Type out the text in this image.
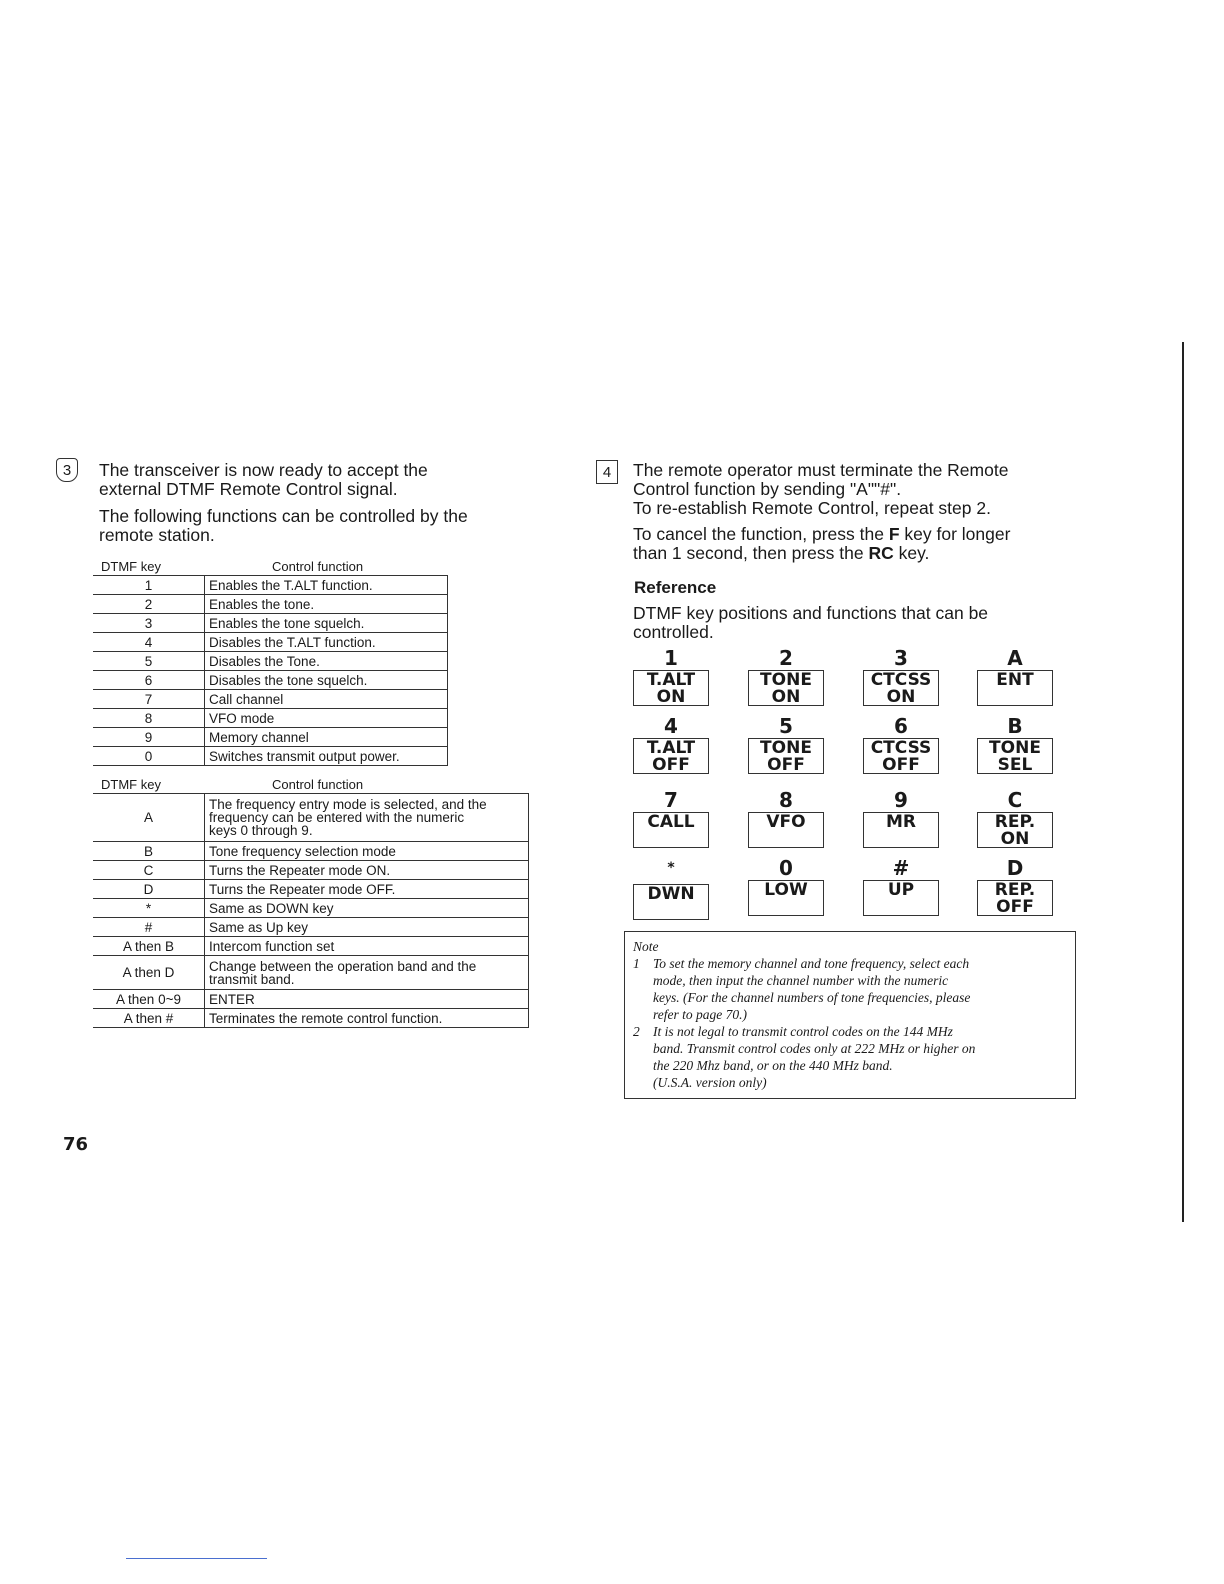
3 The transceiver is now ready to accept the

external DTMF Remote Control signal.

The following functions can be controlled by the

remote station.

DTMF key	Control function
1	Enables the T.ALT function.
2	Enables the tone.
3	Enables the tone squelch.
4	Disables the T.ALT function.
5	Disables the Tone.
6	Disables the tone squelch.
7	Call channel
8	VFO mode
9	Memory channel
0	Switches transmit output power.
DTMF key	Control function
A	The frequency entry mode is selected, and the
frequency can be entered with the numeric
keys 0 through 9.

B	Tone frequency selection mode

C	Turns the Repeater mode ON.

D	Turns the Repeater mode OFF.

*	Same as DOWN key

#	Same as Up key

A then B	Intercom function set

A then D	Change between the operation band and the
transmit band.

A then 0~9	ENTER

A then #	Terminates the remote control function.
4 The remote operator must terminate the Remote

Control function by sending "A""#".

To re-establish Remote Control, repeat step 2.

To cancel the function, press the F key for longer

than 1 second, then press the RC key.

Reference

DTMF key positions and functions that can be

controlled.

1
T.ALT
ON
2
TONE
ON
3
CTCSS
ON
A
ENT
4
T.ALT
OFF
5
TONE
OFF
6
CTCSS
OFF
B
TONE
SEL
7
CALL
8
VFO
9
MR
C
REP.
ON
*
DWN
0
LOW
#
UP
D
REP.
OFF
Note
1 To set the memory channel and tone frequency, select each
mode, then input the channel number with the numeric
keys. (For the channel numbers of tone frequencies, please
refer to page 70.)
2 It is not legal to transmit control codes on the 144 MHz
band. Transmit control codes only at 222 MHz or higher on
the 220 Mhz band, or on the 440 MHz band.
(U.S.A. version only)
76
